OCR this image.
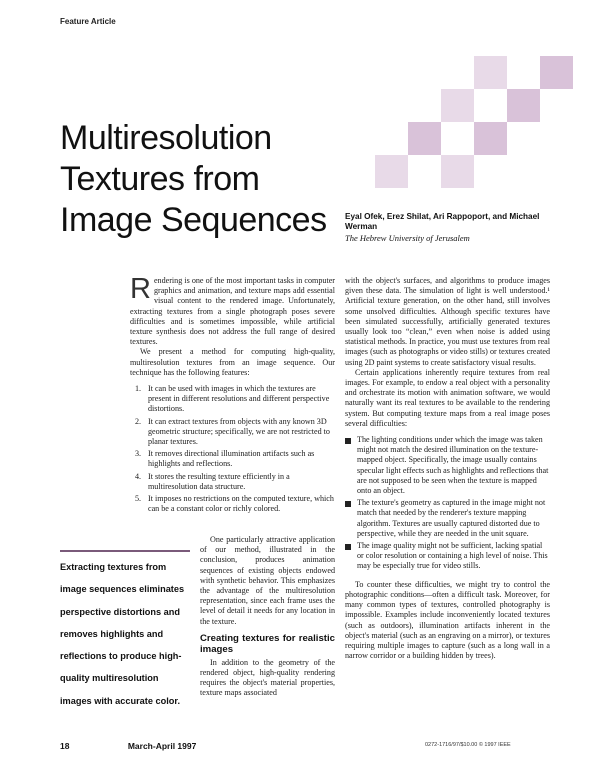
Feature Article
Multiresolution
Textures from
Image Sequences	Eyal Ofek, Erez Shilat, Ari Rappoport, and Michael Werman
The Hebrew University of Jerusalem

Rendering is one of the most important tasks in computer graphics and animation, and texture maps add essential visual content to the rendered image. Unfortunately, extracting textures from a single photograph poses severe difficulties and is sometimes impossible, while artificial texture synthesis does not address the full range of desired textures.

We present a method for computing high-quality, multiresolution textures from an image sequence. Our technique has the following features:

1. It can be used with images in which the textures are present in different resolutions and different perspective distortions.
2. It can extract textures from objects with any known 3D geometric structure; specifically, we are not restricted to planar textures.
3. It removes directional illumination artifacts such as highlights and reflections.
4. It stores the resulting texture efficiently in a multiresolution data structure.
5. It imposes no restrictions on the computed texture, which can be a constant color or richly colored.

One particularly attractive application of our method, illustrated in the conclusion, produces animation sequences of existing objects endowed with synthetic behavior. This emphasizes the advantage of the multiresolution representation, since each frame uses the level of detail it needs for any location in the texture.

Creating textures for realistic images

In addition to the geometry of the rendered object, high-quality rendering requires the object's material properties, texture maps associated

Extracting textures from image sequences eliminates perspective distortions and removes highlights and reflections to produce high-quality multiresolution images with accurate color.

with the object's surfaces, and algorithms to produce images given these data. The simulation of light is well understood.¹ Artificial texture generation, on the other hand, still involves some unsolved difficulties. Although specific textures have been simulated successfully, artificially generated textures usually look too “clean,” even when noise is added using statistical methods. In practice, you must use textures from real images (such as photographs or video stills) or textures created using 2D paint systems to create satisfactory visual results.

Certain applications inherently require textures from real images. For example, to endow a real object with a personality and orchestrate its motion with animation software, we would naturally want its real textures to be available to the rendering system. But computing texture maps from a real image poses several difficulties:

The lighting conditions under which the image was taken might not match the desired illumination on the texture-mapped object. Specifically, the image usually contains specular light effects such as highlights and reflections that are not supposed to be seen when the texture is mapped onto an object.
The texture's geometry as captured in the image might not match that needed by the renderer's texture mapping algorithm. Textures are usually captured distorted due to perspective, while they are needed in the unit square.
The image quality might not be sufficient, lacking spatial or color resolution or containing a high level of noise. This may be especially true for video stills.

To counter these difficulties, we might try to control the photographic conditions—often a difficult task. Moreover, for many common types of textures, controlled photography is impossible. Examples include inconveniently located textures (such as outdoors), illumination artifacts inherent in the object's material (such as an engraving on a mirror), or textures requiring multiple images to capture (such as a long wall in a narrow corridor or a building hidden by trees).

18	March-April 1997	0272-1716/97/$10.00 © 1997 IEEE
